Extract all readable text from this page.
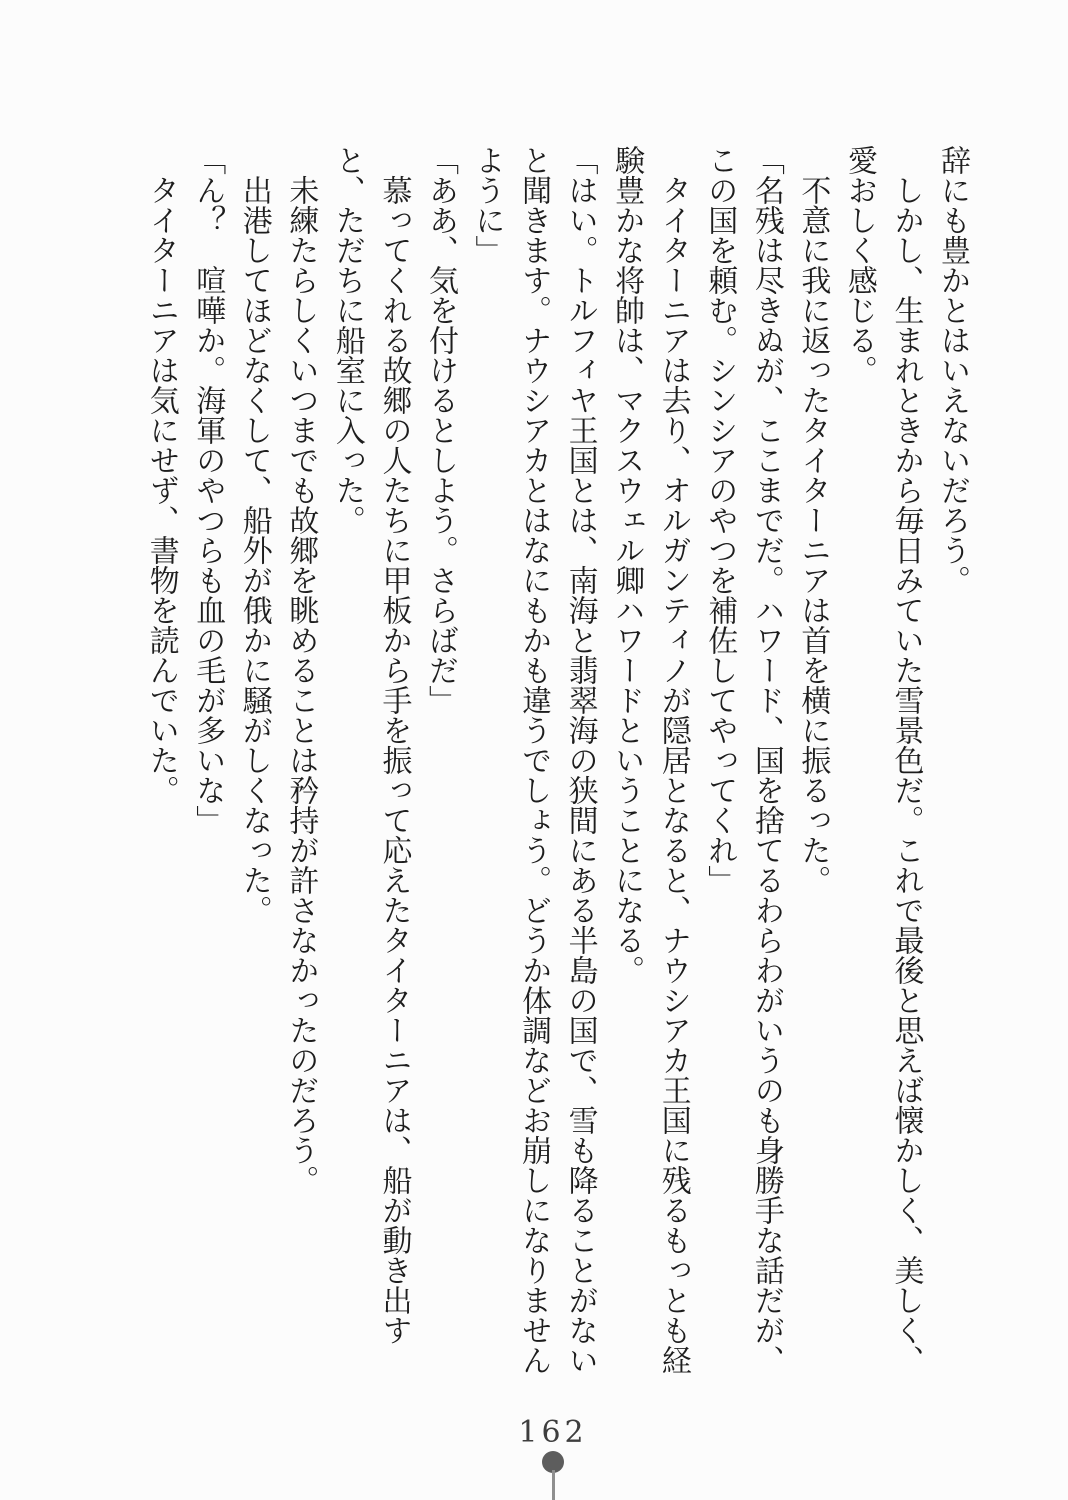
辞にも豊かとはいえないだろう。

しかし、生まれときから毎日みていた雪景色だ。これで最後と思えば懐かしく、美しく、愛おしく感じる。

不意に我に返ったタイターニアは首を横に振るった。

「名残は尽きぬが、ここまでだ。ハワード、国を捨てるわらわがいうのも身勝手な話だが、この国を頼む。シンシアのやつを補佐してやってくれ」

タイターニアは去り、オルガンティノが隠居となると、ナウシアカ王国に残るもっとも経験豊かな将帥は、マクスウェル卿ハワードということになる。

「はい。トルフィヤ王国とは、南海と翡翠海の狭間にある半島の国で、雪も降ることがないと聞きます。ナウシアカとはなにもかも違うでしょう。どうか体調などお崩しになりませんように」

「ああ、気を付けるとしよう。さらばだ」

慕ってくれる故郷の人たちに甲板から手を振って応えたタイターニアは、船が動き出すと、ただちに船室に入った。

未練たらしくいつまでも故郷を眺めることは矜持が許さなかったのだろう。

出港してほどなくして、船外が俄かに騒がしくなった。

「ん？　喧嘩か。海軍のやつらも血の毛が多いな」

タイターニアは気にせず、書物を読んでいた。

162
